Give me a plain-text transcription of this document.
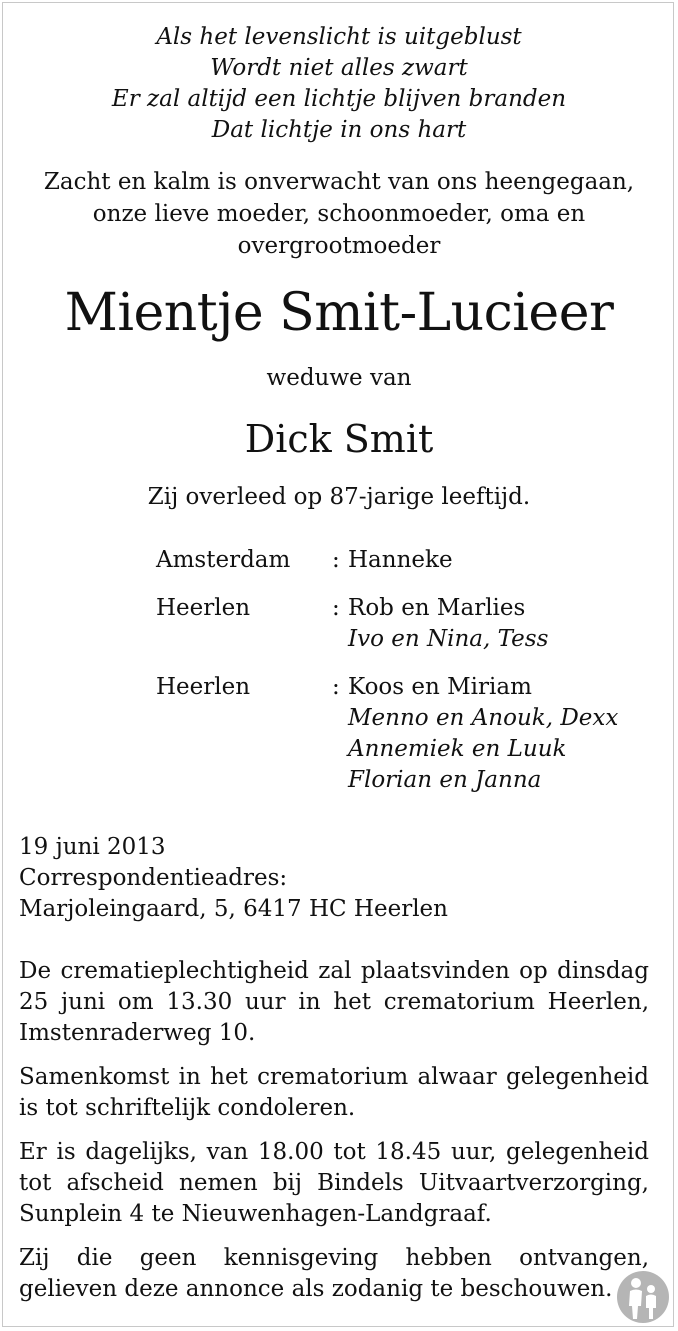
Als het levenslicht is uitgeblust
Wordt niet alles zwart
Er zal altijd een lichtje blijven branden
Dat lichtje in ons hart
Zacht en kalm is onverwacht van ons heengegaan,
onze lieve moeder, schoonmoeder, oma en
overgrootmoeder
Mientje Smit-Lucieer
weduwe van
Dick Smit
Zij overleed op 87-jarige leeftijd.
Amsterdam : Hanneke
Heerlen	: Rob en Marlies
Ivo en Nina, Tess
Heerlen	: Koos en Miriam
Menno en Anouk, Dexx
Annemiek en Luuk
Florian en Janna
19 juni 2013
Correspondentieadres:
Marjoleingaard, 5, 6417 HC Heerlen

De crematieplechtigheid zal plaatsvinden op dinsdag 25 juni om 13.30 uur in het crematorium Heerlen, Imstenraderweg 10.

Samenkomst in het crematorium alwaar gelegenheid is tot schriftelijk condoleren.

Er is dagelijks, van 18.00 tot 18.45 uur, gelegenheid tot afscheid nemen bij Bindels Uitvaartverzorging, Sunplein 4 te Nieuwenhagen-Landgraaf.

Zij die geen kennisgeving hebben ontvangen, gelieven deze annonce als zodanig te beschouwen.
